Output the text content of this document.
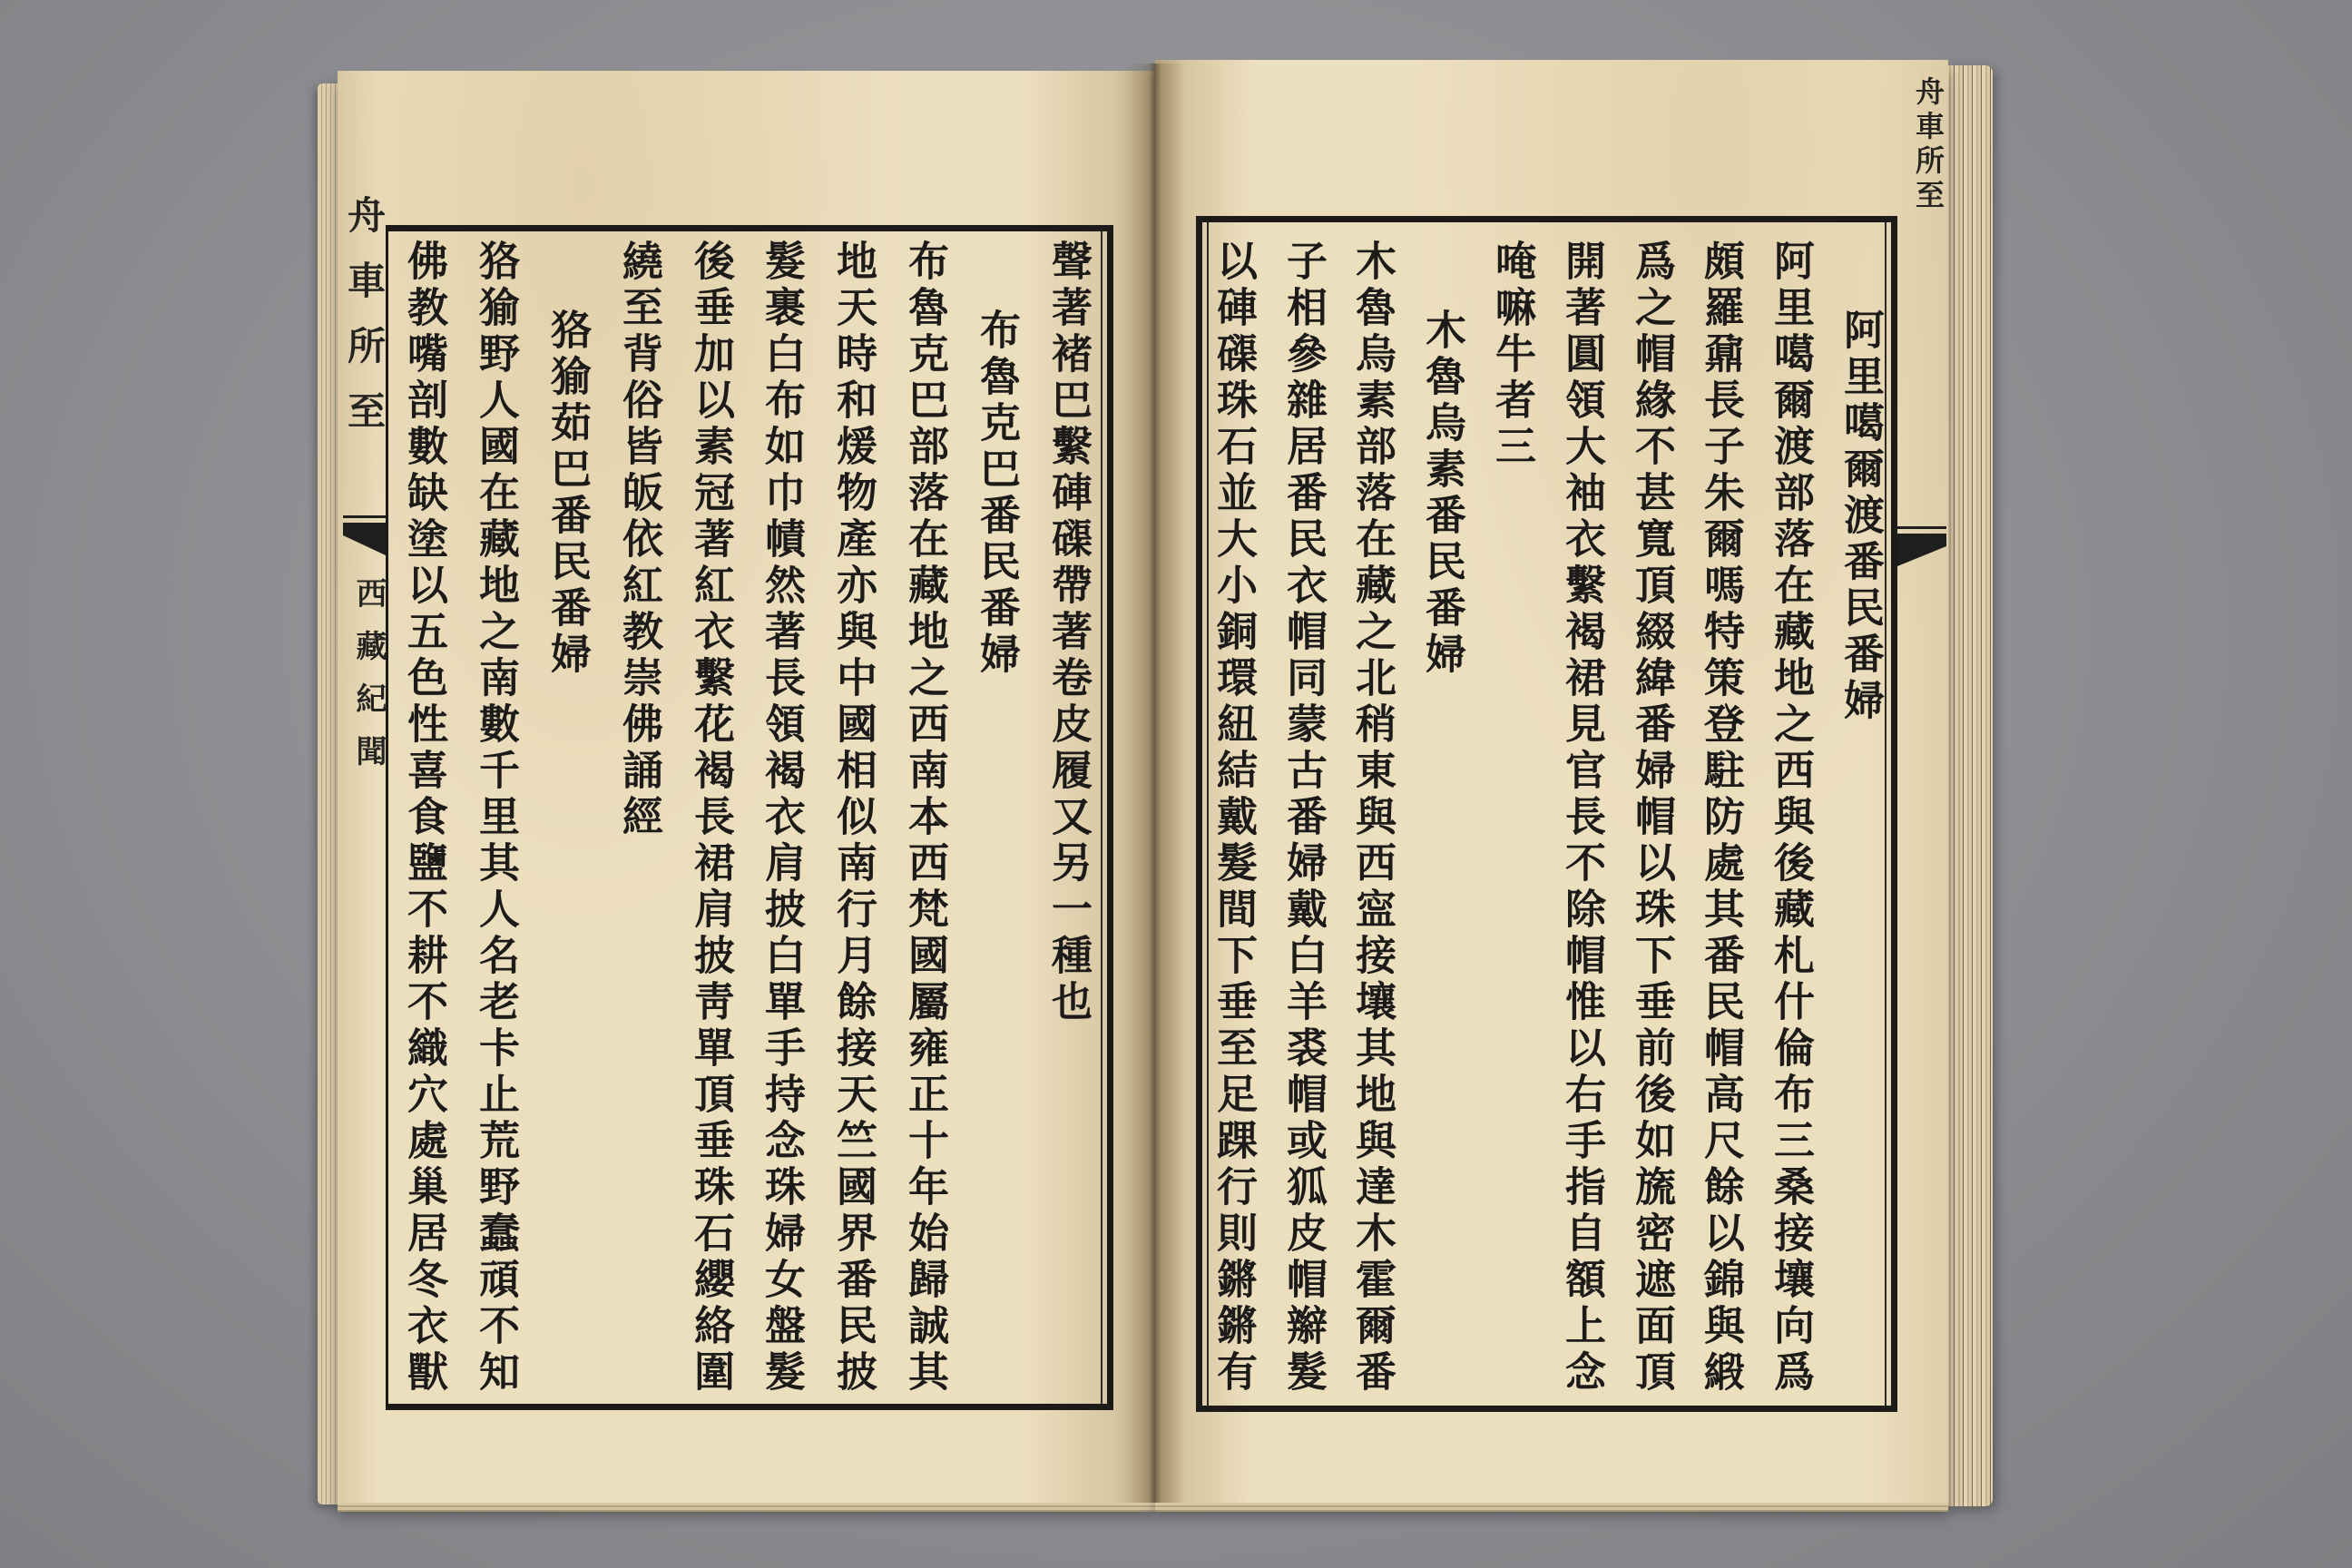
舟車所至
西藏紀聞	聲著褚巴繫硨磲帶著卷皮履又另一種也
布魯克巴番民番婦
布魯克巴部落在藏地之西南本西梵國屬雍正十年始歸誠其
地天時和煖物產亦與中國相似南行月餘接天竺國界番民披
髮裹白布如巾幘然著長領褐衣肩披白單手持念珠婦女盤髮
後垂加以素冠著紅衣繫花褐長裙肩披靑單頂垂珠石纓絡圍
繞至背俗皆皈依紅教崇佛誦經
狢㺄茹巴番民番婦
狢㺄野人國在藏地之南數千里其人名老卡止荒野蠢頑不知
佛教嘴剖數缺塗以五色性喜食鹽不耕不織穴處巢居冬衣獸
舟車所至
阿里噶爾渡番民番婦
阿里噶爾渡部落在藏地之西與後藏札什倫布三桑接壤向爲
頗羅鼐長子朱爾嗎特策登駐防處其番民帽高尺餘以錦與緞
爲之帽緣不甚寬頂綴緯番婦帽以珠下垂前後如旒密遮面頂
開著圓領大袖衣繫褐裙見官長不除帽惟以右手指自額上念
唵嘛牛者三
木魯烏素番民番婦
木魯烏素部落在藏之北稍東與西寍接壤其地與達木霍爾番
子相參雜居番民衣帽同蒙古番婦戴白羊裘帽或狐皮帽辮髮
以硨磲珠石並大小銅環紐結戴髮間下垂至足踝行則鏘鏘有
